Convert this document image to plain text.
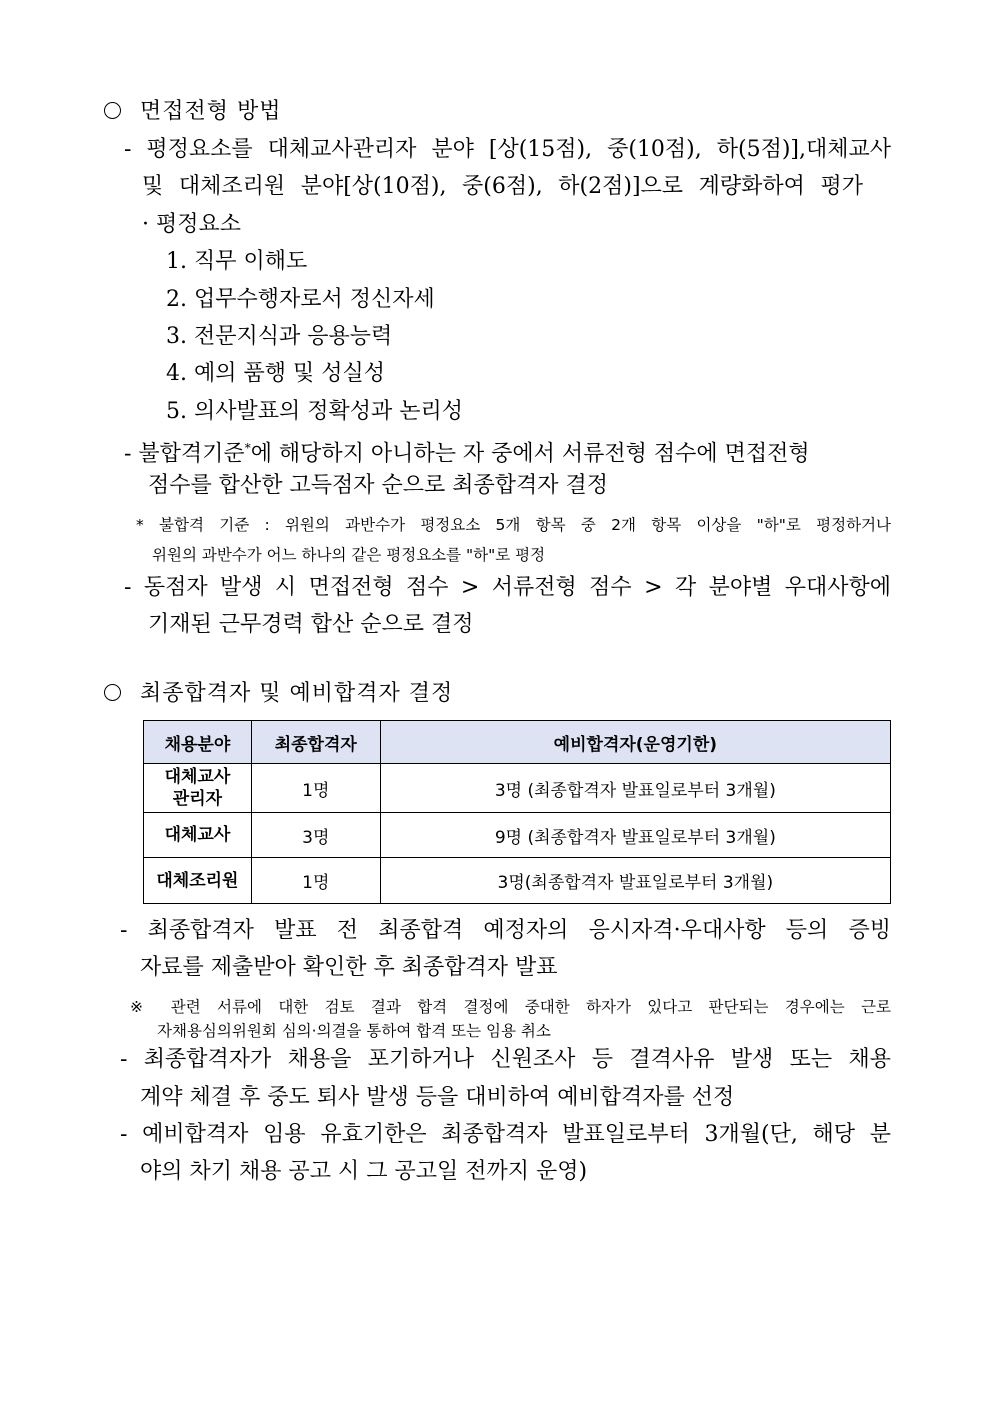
면접전형 방법
- 평정요소를 대체교사관리자 분야 [상(15점), 중(10점), 하(5점)],대체교사
및 대체조리원 분야[상(10점), 중(6점), 하(2점)]으로 계량화하여 평가
· 평정요소
1. 직무 이해도
2. 업무수행자로서 정신자세
3. 전문지식과 응용능력
4. 예의 품행 및 성실성
5. 의사발표의 정확성과 논리성
- 불합격기준*에 해당하지 아니하는 자 중에서 서류전형 점수에 면접전형
점수를 합산한 고득점자 순으로 최종합격자 결정
* 불합격 기준 : 위원의 과반수가 평정요소 5개 항목 중 2개 항목 이상을 "하"로 평정하거나
위원의 과반수가 어느 하나의 같은 평정요소를 "하"로 평정
- 동점자 발생 시 면접전형 점수 > 서류전형 점수 > 각 분야별 우대사항에
기재된 근무경력 합산 순으로 결정
최종합격자 및 예비합격자 결정
채용분야	최종합격자	예비합격자(운영기한)

대체교사
관리자	1명	3명 (최종합격자 발표일로부터 3개월)
대체교사	3명	9명 (최종합격자 발표일로부터 3개월)
대체조리원	1명	3명(최종합격자 발표일로부터 3개월)
- 최종합격자 발표 전 최종합격 예정자의 응시자격·우대사항 등의 증빙
자료를 제출받아 확인한 후 최종합격자 발표
※ 관련 서류에 대한 검토 결과 합격 결정에 중대한 하자가 있다고 판단되는 경우에는 근로
자채용심의위원회 심의·의결을 통하여 합격 또는 임용 취소
- 최종합격자가 채용을 포기하거나 신원조사 등 결격사유 발생 또는 채용
계약 체결 후 중도 퇴사 발생 등을 대비하여 예비합격자를 선정
- 예비합격자 임용 유효기한은 최종합격자 발표일로부터 3개월(단, 해당 분
야의 차기 채용 공고 시 그 공고일 전까지 운영)
